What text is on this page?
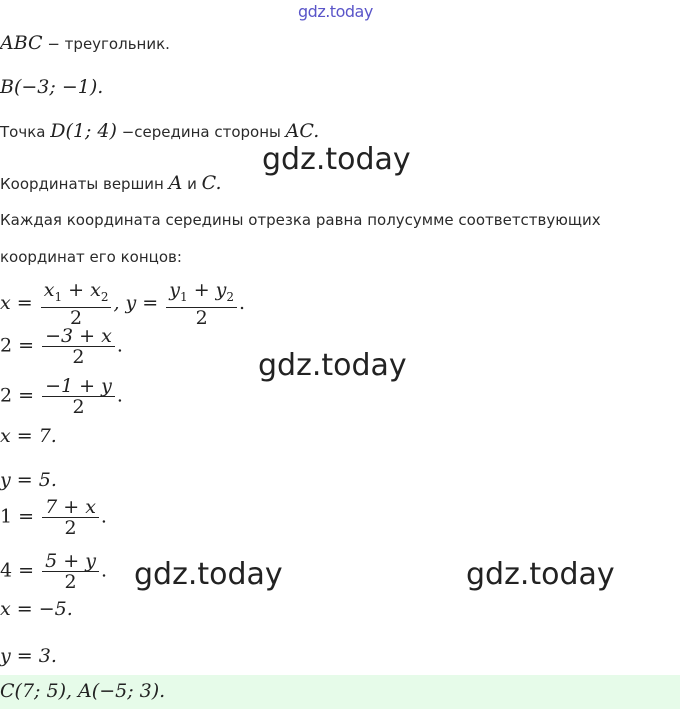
gdz.today
gdz.today
gdz.today
gdz.today	gdz.today
ABC − треугольник.
B(−3; −1).
Точка D(1; 4) −середина стороны AC.
Координаты вершин A и C.
Каждая координата середины отрезка равна полусумме соответствующих
координат его концов:
$x = \frac{x_1 + x_2}{2}$ , $y = \frac{y_1 + y_2}{2}$ .
$2 = \frac{-3 + x}{2}$ .
$2 = \frac{-1 + y}{2}$ .
x = 7.
y = 5.
$1 = \frac{7 + x}{2}$ .
$4 = \frac{5 + y}{2}$ .
x = −5.
y = 3.
C(7; 5), A(−5; 3).
